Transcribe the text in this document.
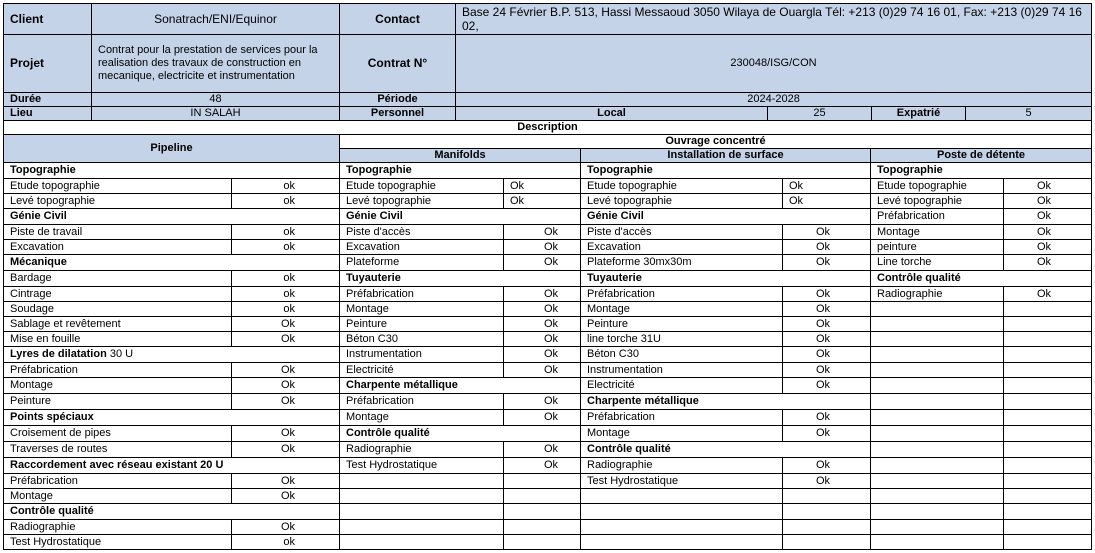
Client	Sonatrach/ENI/Equinor	Contact	Base 24 Février B.P. 513, Hassi Messaoud 3050 Wilaya de Ouargla Tél: +213 (0)29 74 16 01, Fax: +213 (0)29 74 16 02,
Projet	Contrat pour la prestation de services pour la realisation des travaux de construction en mecanique, electricite et instrumentation	Contrat N°	230048/ISG/CON
Durée	48	Période	2024-2028			
Lieu	IN SALAH	Personnel	Local	25	Expatrié	5
Description							
Pipeline		Ouvrage concentré					
		Manifolds		Installation de surface		Poste de détente	
Topographie		Topographie		Topographie		Topographie	
Etude topographie	ok	Etude topographie	Ok	Etude topographie	Ok	Etude topographie	Ok
Levé topographie	ok	Levé topographie	Ok	Levé topographie	Ok	Levé topographie	Ok
Génie Civil		Génie Civil		Génie Civil		Préfabrication	Ok
Piste de travail	ok	Piste d'accès	Ok	Piste d'accès	Ok	Montage	Ok
Excavation	ok	Excavation	Ok	Excavation	Ok	peinture	Ok
Mécanique		Plateforme	Ok	Plateforme 30mx30m	Ok	Line torche	Ok
Bardage	ok	Tuyauterie		Tuyauterie		Contrôle qualité	
Cintrage	ok	Préfabrication	Ok	Préfabrication	Ok	Radiographie	Ok
Soudage	ok	Montage	Ok	Montage	Ok		
Sablage et revêtement	Ok	Peinture	Ok	Peinture	Ok		
Mise en fouille	Ok	Béton C30	Ok	line torche 31U	Ok		
Lyres de dilatation 30 U		Instrumentation	Ok	Béton C30	Ok		
Préfabrication	Ok	Electricité	Ok	Instrumentation	Ok		
Montage	Ok	Charpente métallique		Electricité	Ok		
Peinture	Ok	Préfabrication	Ok	Charpente métallique			
Points spéciaux		Montage	Ok	Préfabrication	Ok		
Croisement de pipes	Ok	Contrôle qualité		Montage	Ok		
Traverses de routes	Ok	Radiographie	Ok	Contrôle qualité			
Raccordement avec réseau existant 20 U		Test Hydrostatique	Ok	Radiographie	Ok		
Préfabrication	Ok			Test Hydrostatique	Ok		
Montage	Ok						
Contrôle qualité							
Radiographie	Ok						
Test Hydrostatique	ok						
